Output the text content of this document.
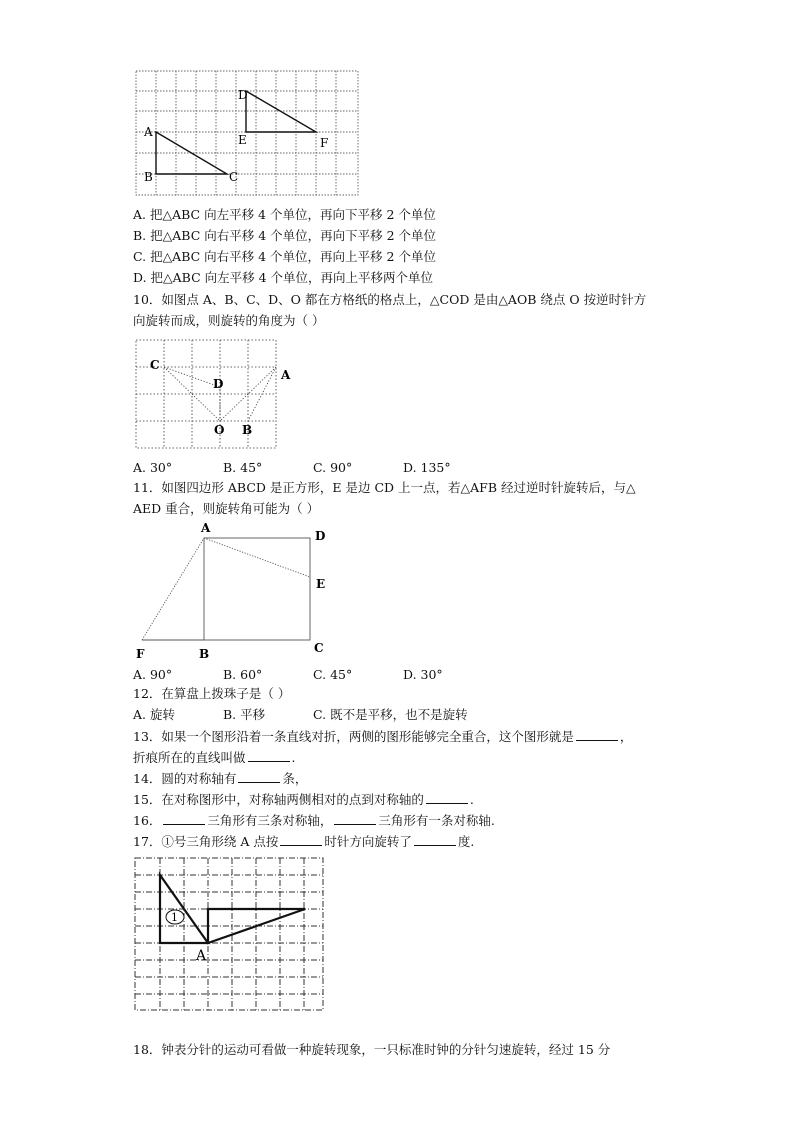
A
B	C
D
E	F
A. 把△ABC 向左平移 4 个单位，再向下平移 2 个单位
B. 把△ABC 向右平移 4 个单位，再向下平移 2 个单位
C. 把△ABC 向右平移 4 个单位，再向上平移 2 个单位
D. 把△ABC 向左平移 4 个单位，再向上平移两个单位
10．如图点 A、B、C、D、O 都在方格纸的格点上，△COD 是由△AOB 绕点 O 按逆时针方
向旋转而成，则旋转的角度为（ ）
C
D
A
O B
A. 30°	B. 45°	C. 90°	D. 135°
11．如图四边形 ABCD 是正方形，E 是边 CD 上一点，若△AFB 经过逆时针旋转后，与△
AED 重合，则旋转角可能为（ ）
A
D
E
F	B	C
A. 90°	B. 60°	C. 45°	D. 30°
12．在算盘上拨珠子是（ ）
A. 旋转	B. 平移	C. 既不是平移，也不是旋转
13．如果一个图形沿着一条直线对折，两侧的图形能够完全重合，这个图形就是	，
折痕所在的直线叫做	.
14．圆的对称轴有	条，
15．在对称图形中，对称轴两侧相对的点到对称轴的	.
16．	三角形有三条对称轴，	三角形有一条对称轴.
17．①号三角形绕 A 点按	时针方向旋转了	度.
1
A
18．钟表分针的运动可看做一种旋转现象，一只标准时钟的分针匀速旋转，经过 15 分
